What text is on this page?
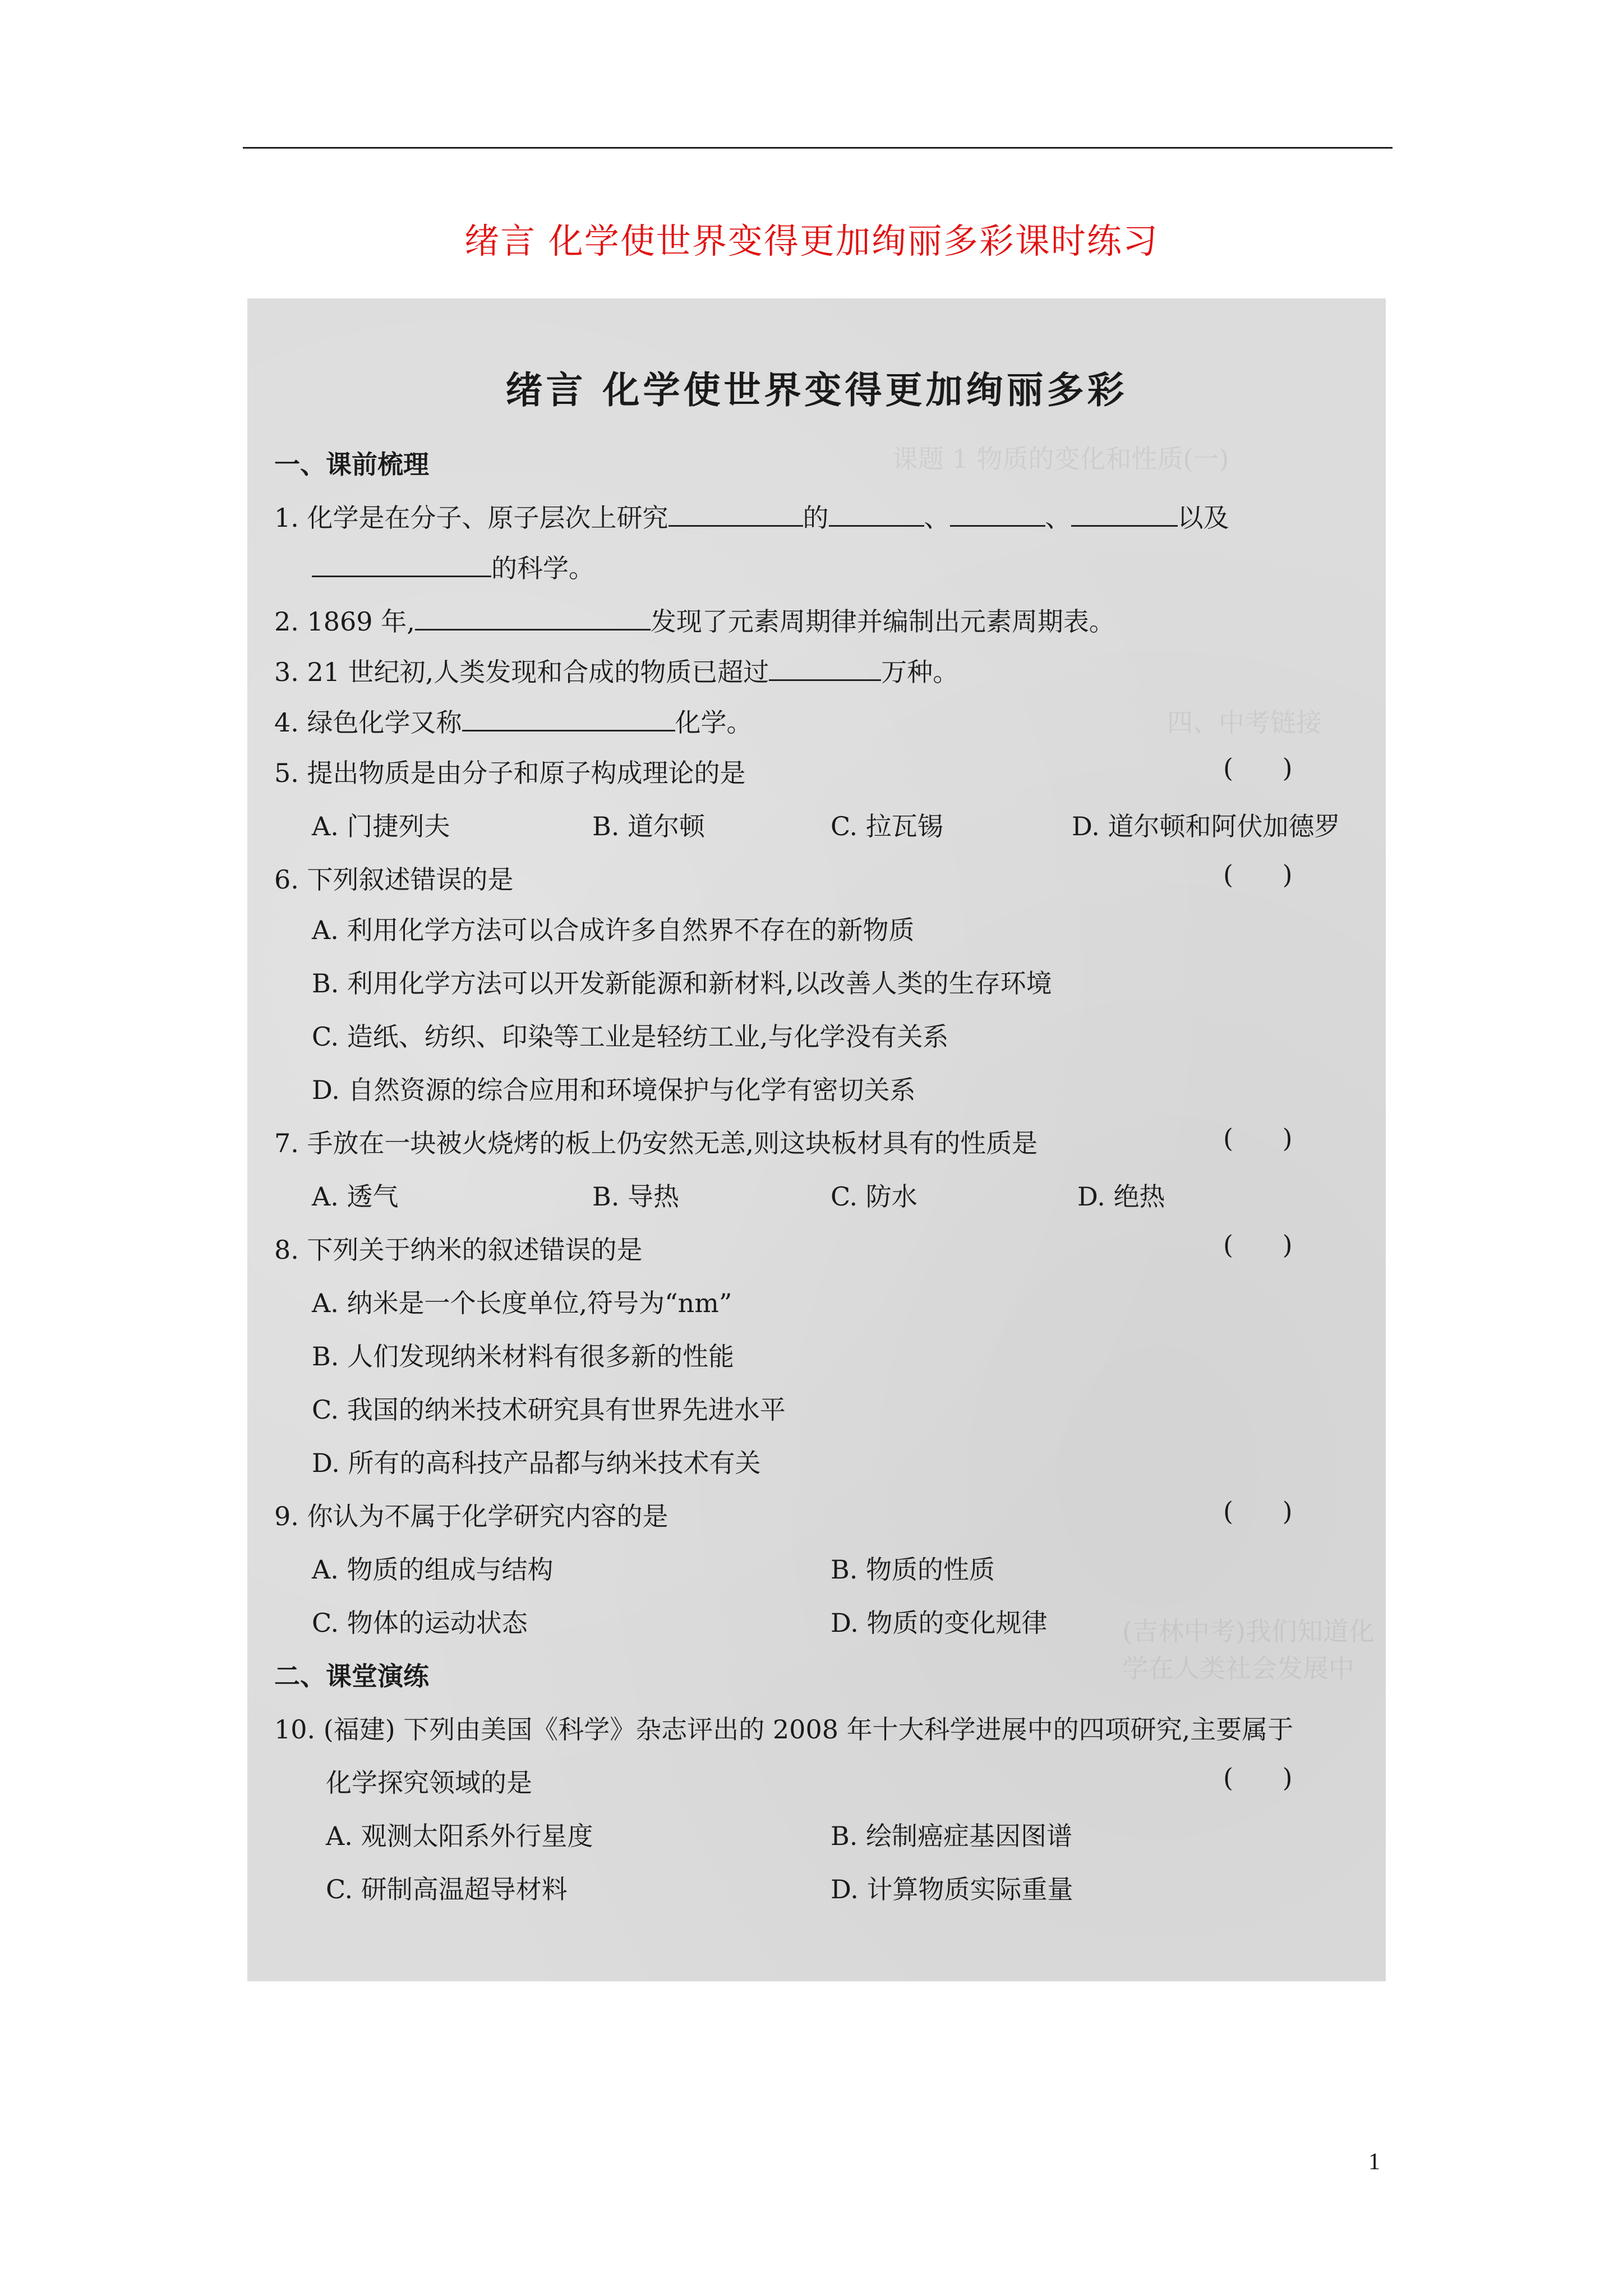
绪言 化学使世界变得更加绚丽多彩课时练习
课题 1 物质的变化和性质(一)
四、中考链接
(吉林中考)我们知道化学在人类社会发展中
绪言 化学使世界变得更加绚丽多彩
一、课前梳理
1. 化学是在分子、原子层次上研究	的	、	、	以及
的科学。
2. 1869 年,	发现了元素周期律并编制出元素周期表。
3. 21 世纪初,人类发现和合成的物质已超过	万种。
4. 绿色化学又称	化学。
5. 提出物质是由分子和原子构成理论的是	(      )
A. 门捷列夫	B. 道尔顿	C. 拉瓦锡	D. 道尔顿和阿伏加德罗
6. 下列叙述错误的是	(      )
A. 利用化学方法可以合成许多自然界不存在的新物质
B. 利用化学方法可以开发新能源和新材料,以改善人类的生存环境
C. 造纸、纺织、印染等工业是轻纺工业,与化学没有关系
D. 自然资源的综合应用和环境保护与化学有密切关系
7. 手放在一块被火烧烤的板上仍安然无恙,则这块板材具有的性质是	(      )
A. 透气	B. 导热	C. 防水	D. 绝热
8. 下列关于纳米的叙述错误的是	(      )
A. 纳米是一个长度单位,符号为“nm”
B. 人们发现纳米材料有很多新的性能
C. 我国的纳米技术研究具有世界先进水平
D. 所有的高科技产品都与纳米技术有关
9. 你认为不属于化学研究内容的是	(      )
A. 物质的组成与结构	B. 物质的性质
C. 物体的运动状态	D. 物质的变化规律
二、课堂演练
10. (福建) 下列由美国《科学》杂志评出的 2008 年十大科学进展中的四项研究,主要属于
化学探究领域的是	(      )
A. 观测太阳系外行星度	B. 绘制癌症基因图谱
C. 研制高温超导材料	D. 计算物质实际重量
1
